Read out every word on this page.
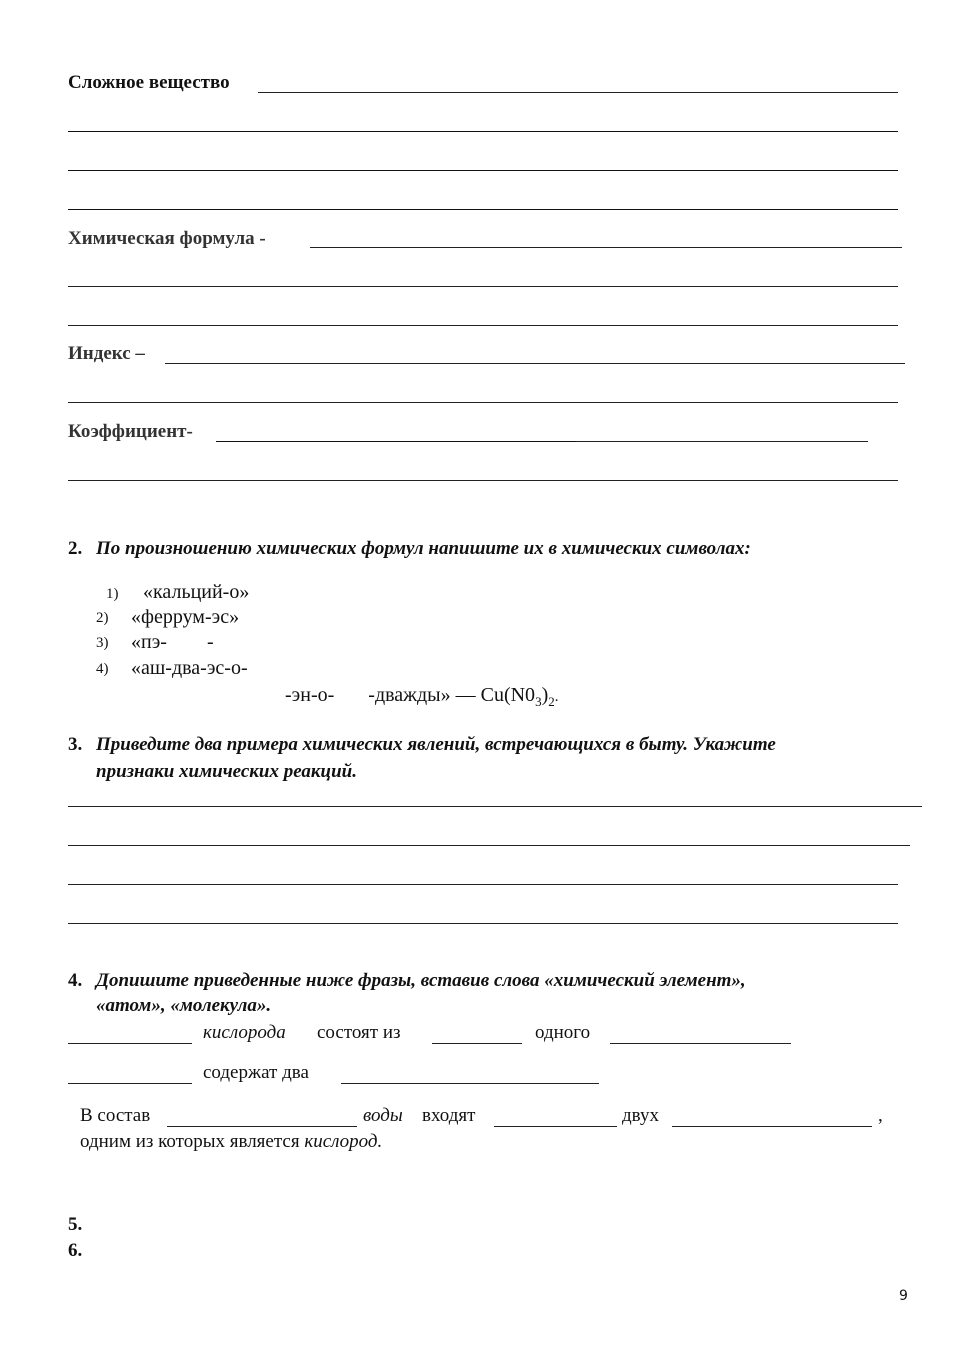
Сложное вещество
Химическая формула -
Индекс –
Коэффициент-
2. По произношению химических формул напишите их в химических символах:
1) «кальций-о»
2) «феррум-эс»
3) «пэ-        -
4) «аш-два-эс-о-
-эн-о- -дважды» — $Cu(N0_3)_2$.
3. Приведите два примера химических явлений, встречающихся в быту. Укажите
признаки химических реакций.
4. Допишите приведенные ниже фразы, вставив слова «химический элемент»,
«атом», «молекула».
кислорода состоят из	одного
содержат два
В состав	воды входят	двух	,
одним из которых является кислород.
5.
6.
9
